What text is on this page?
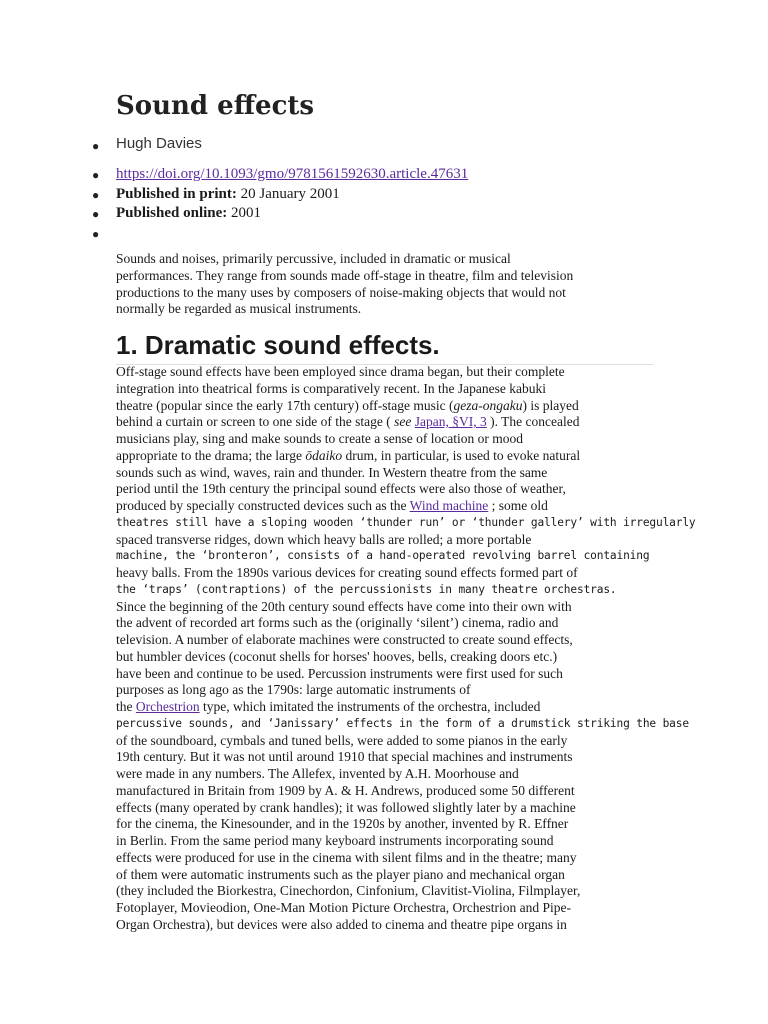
Sound effects
● Hugh Davies

●
●
●
●
https://doi.org/10.1093/gmo/9781561592630.article.47631
Published in print: 20 January 2001
Published online: 2001

Sounds and noises, primarily percussive, included in dramatic or musical
performances. They range from sounds made off-stage in theatre, film and television
productions to the many uses by composers of noise-making objects that would not
normally be regarded as musical instruments.

1. Dramatic sound effects.

Off-stage sound effects have been employed since drama began, but their complete
integration into theatrical forms is comparatively recent. In the Japanese kabuki
theatre (popular since the early 17th century) off-stage music (geza-ongaku) is played
behind a curtain or screen to one side of the stage ( see Japan, §VI, 3 ). The concealed
musicians play, sing and make sounds to create a sense of location or mood
appropriate to the drama; the large ōdaiko drum, in particular, is used to evoke natural
sounds such as wind, waves, rain and thunder. In Western theatre from the same
period until the 19th century the principal sound effects were also those of weather,
produced by specially constructed devices such as the Wind machine ; some old
theatres still have a sloping wooden ‘thunder run’ or ‘thunder gallery’ with irregularly
spaced transverse ridges, down which heavy balls are rolled; a more portable
machine, the ‘bronteron’, consists of a hand-operated revolving barrel containing
heavy balls. From the 1890s various devices for creating sound effects formed part of
the ‘traps’ (contraptions) of the percussionists in many theatre orchestras.
Since the beginning of the 20th century sound effects have come into their own with
the advent of recorded art forms such as the (originally ‘silent’) cinema, radio and
television. A number of elaborate machines were constructed to create sound effects,
but humbler devices (coconut shells for horses' hooves, bells, creaking doors etc.)
have been and continue to be used. Percussion instruments were first used for such
purposes as long ago as the 1790s: large automatic instruments of
the Orchestrion type, which imitated the instruments of the orchestra, included
percussive sounds, and ‘Janissary’ effects in the form of a drumstick striking the base
of the soundboard, cymbals and tuned bells, were added to some pianos in the early
19th century. But it was not until around 1910 that special machines and instruments
were made in any numbers. The Allefex, invented by A.H. Moorhouse and
manufactured in Britain from 1909 by A. & H. Andrews, produced some 50 different
effects (many operated by crank handles); it was followed slightly later by a machine
for the cinema, the Kinesounder, and in the 1920s by another, invented by R. Effner
in Berlin. From the same period many keyboard instruments incorporating sound
effects were produced for use in the cinema with silent films and in the theatre; many
of them were automatic instruments such as the player piano and mechanical organ
(they included the Biorkestra, Cinechordon, Cinfonium, Clavitist-Violina, Filmplayer,
Fotoplayer, Movieodion, One-Man Motion Picture Orchestra, Orchestrion and Pipe-
Organ Orchestra), but devices were also added to cinema and theatre pipe organs in
